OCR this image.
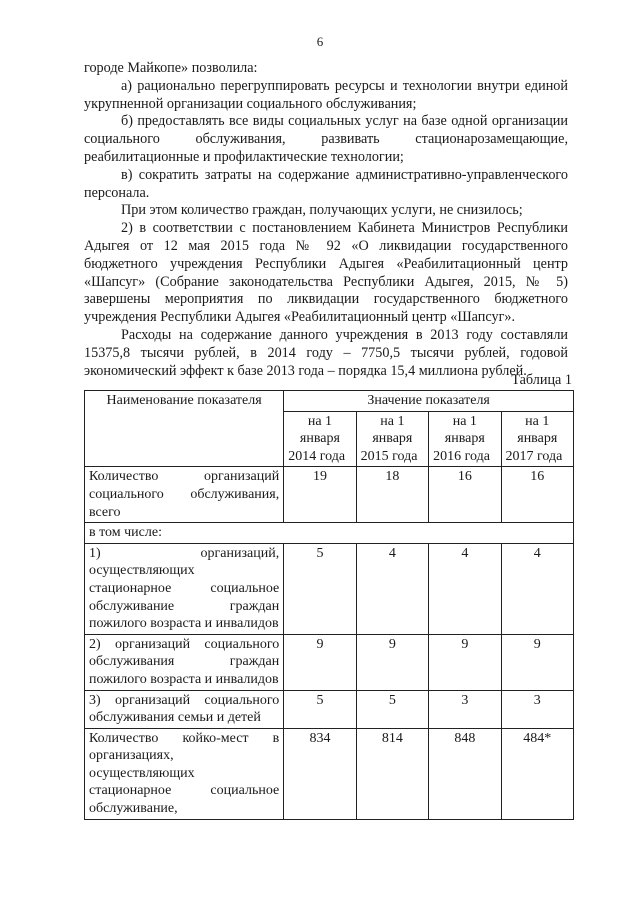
6

городе Майкопе» позволила:

а) рационально перегруппировать ресурсы и технологии внутри единой укрупненной организации социального обслуживания;

б) предоставлять все виды социальных услуг на базе одной организации социального обслуживания, развивать стационарозамещающие, реабилитационные и профилактические технологии;

в) сократить затраты на содержание административно-управленческого персонала.

При этом количество граждан, получающих услуги, не снизилось;

2) в соответствии с постановлением Кабинета Министров Республики Адыгея от 12 мая 2015 года № 92 «О ликвидации государственного бюджетного учреждения Республики Адыгея «Реабилитационный центр «Шапсуг» (Собрание законодательства Республики Адыгея, 2015, № 5) завершены мероприятия по ликвидации государственного бюджетного учреждения Республики Адыгея «Реабилитационный центр «Шапсуг».

Расходы на содержание данного учреждения в 2013 году составляли 15375,8 тысячи рублей, в 2014 году – 7750,5 тысячи рублей, годовой экономический эффект к базе 2013 года – порядка 15,4 миллиона рублей.

Таблица 1
Наименование показателя	Значение показателя			
	на 1 января 2014 года	на 1 января 2015 года	на 1 января 2016 года	на 1 января 2017 года
Количество организаций социального обслуживания, всего	19	18	16	16
в том числе:				
1) организаций, осуществляющих стационарное социальное обслуживание граждан пожилого возраста и инвалидов	5	4	4	4
2) организаций социального обслуживания граждан пожилого возраста и инвалидов	9	9	9	9
3) организаций социального обслуживания семьи и детей	5	5	3	3
Количество койко-мест в организациях, осуществляющих стационарное социальное обслуживание,	834	814	848	484*
